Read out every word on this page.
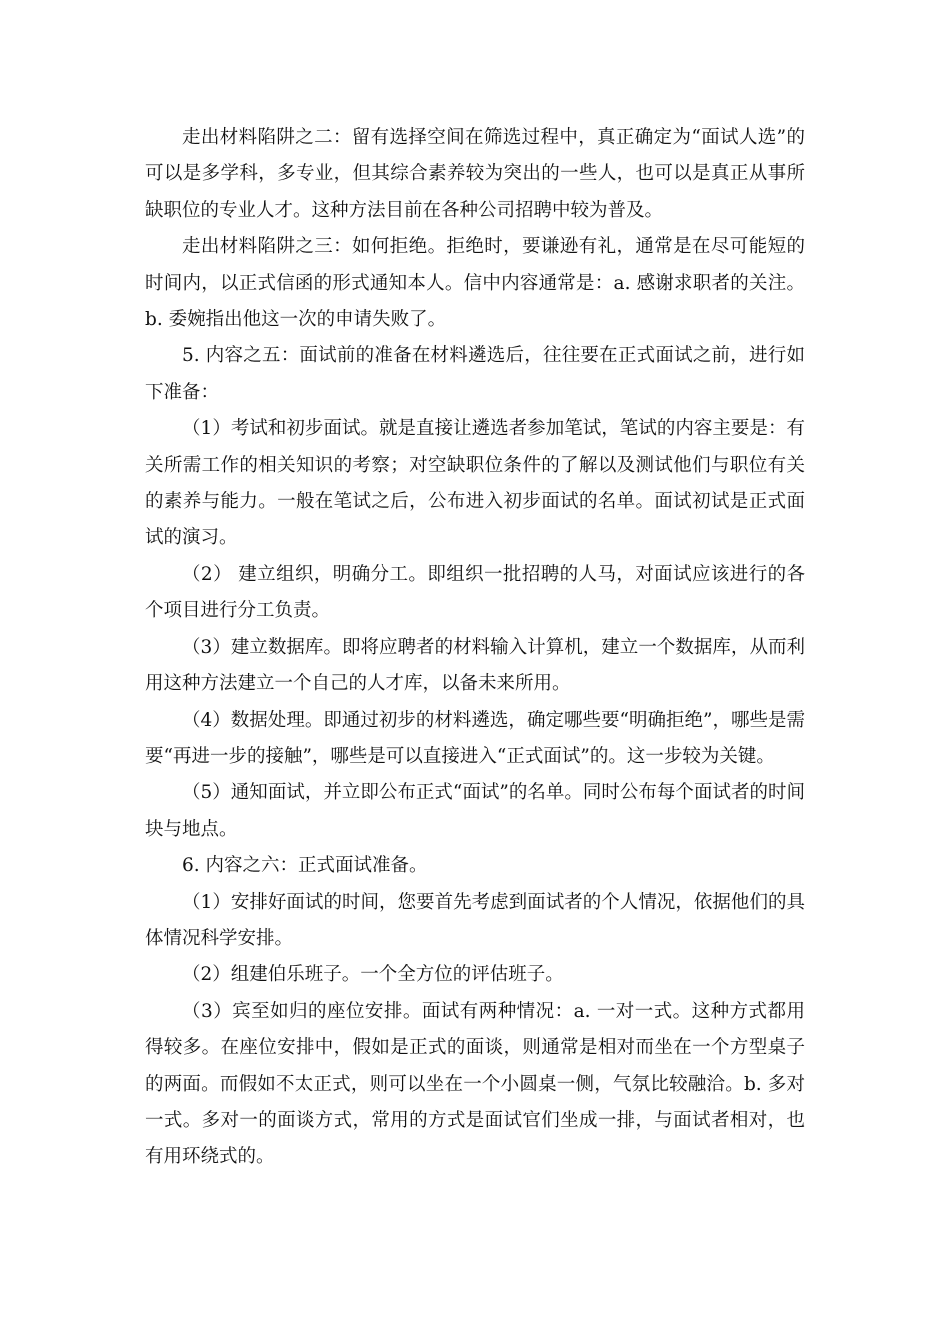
走出材料陷阱之二：留有选择空间在筛选过程中，真正确定为“面试人选”的可以是多学科，多专业，但其综合素养较为突出的一些人，也可以是真正从事所缺职位的专业人才。这种方法目前在各种公司招聘中较为普及。

走出材料陷阱之三：如何拒绝。拒绝时，要谦逊有礼，通常是在尽可能短的时间内，以正式信函的形式通知本人。信中内容通常是：a. 感谢求职者的关注。b. 委婉指出他这一次的申请失败了。

5. 内容之五：面试前的准备在材料遴选后，往往要在正式面试之前，进行如下准备：

（1）考试和初步面试。就是直接让遴选者参加笔试，笔试的内容主要是：有关所需工作的相关知识的考察；对空缺职位条件的了解以及测试他们与职位有关的素养与能力。一般在笔试之后，公布进入初步面试的名单。面试初试是正式面试的演习。

（2） 建立组织，明确分工。即组织一批招聘的人马，对面试应该进行的各个项目进行分工负责。

（3）建立数据库。即将应聘者的材料输入计算机，建立一个数据库，从而利用这种方法建立一个自己的人才库，以备未来所用。

（4）数据处理。即通过初步的材料遴选，确定哪些要“明确拒绝”，哪些是需要“再进一步的接触”，哪些是可以直接进入“正式面试”的。这一步较为关键。

（5）通知面试，并立即公布正式“面试”的名单。同时公布每个面试者的时间块与地点。

6. 内容之六：正式面试准备。

（1）安排好面试的时间，您要首先考虑到面试者的个人情况，依据他们的具体情况科学安排。

（2）组建伯乐班子。一个全方位的评估班子。

（3）宾至如归的座位安排。面试有两种情况：a. 一对一式。这种方式都用得较多。在座位安排中，假如是正式的面谈，则通常是相对而坐在一个方型桌子的两面。而假如不太正式，则可以坐在一个小圆桌一侧，气氛比较融洽。b. 多对一式。多对一的面谈方式，常用的方式是面试官们坐成一排，与面试者相对，也有用环绕式的。
